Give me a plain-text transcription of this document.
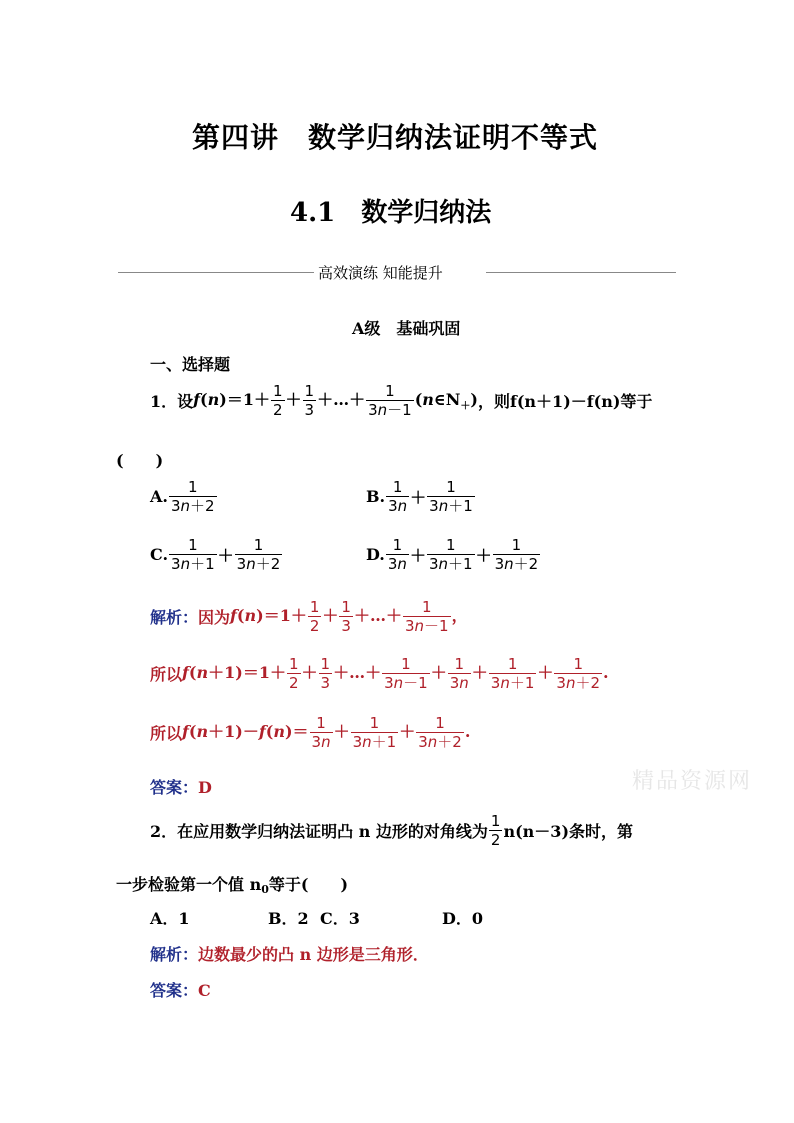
第四讲　数学归纳法证明不等式
4.1　数学归纳法
高效演练 知能提升
A级　基础巩固
一、选择题
1．设 $f(n)=1+ \frac{1}{2} + \frac{1}{3}$ ＋…＋ $\frac{1}{3n-1}$ $(n\in N_+)$ ，则f(n＋1)－f(n)等于
(　　)
A. $\frac{1}{3n+2}$	B. $\frac{1}{3n} + \frac{1}{3n+1}$
C. $\frac{1}{3n+1} + \frac{1}{3n+2}$	D. $\frac{1}{3n} + \frac{1}{3n+1} + \frac{1}{3n+2}$
解析： 因为 $f(n)=1+ \frac{1}{2} + \frac{1}{3}$ ＋…＋ $\frac{1}{3n-1}$ ，
所以 $f(n+1)=1+ \frac{1}{2} + \frac{1}{3}$ ＋…＋ $\frac{1}{3n-1} + \frac{1}{3n} + \frac{1}{3n+1} + \frac{1}{3n+2}$ .
所以 $f(n+1)-f(n)= \frac{1}{3n} + \frac{1}{3n+1} + \frac{1}{3n+2}$ .
答案：D	精品资源网
2．在应用数学归纳法证明凸 n 边形的对角线为 $\frac{1}{2} n(n-3)$条时，第
一步检验第一个值 n0等于(　　)
A．1	B．2 C．3	D．0
解析：边数最少的凸 n 边形是三角形．
答案：C
